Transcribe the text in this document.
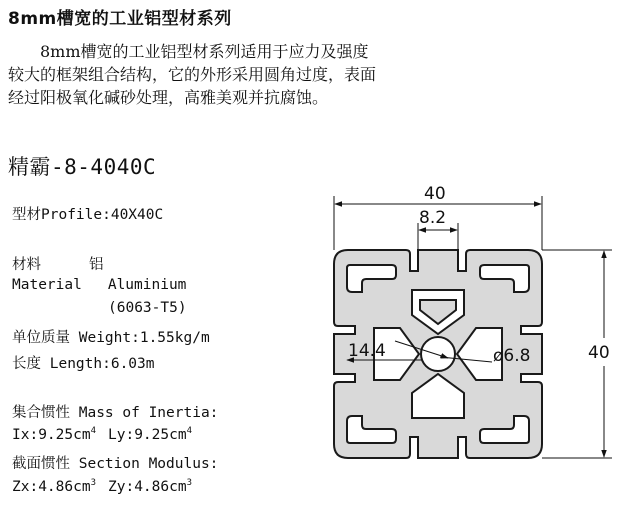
8mm槽宽的工业铝型材系列
8mm槽宽的工业铝型材系列适用于应力及强度较大的框架组合结构，它的外形采用圆角过度，表面经过阳极氧化碱砂处理，高雅美观并抗腐蚀。
精霸-8-4040C
型材Profile:40X40C
材料	铝
Material Aluminium
(6063-T5)
单位质量 Weight:1.55kg/m
长度 Length:6.03m
集合惯性 Mass of Inertia:
$Ix:9.25cm^4$ $Ly:9.25cm^4$
截面惯性 Section Modulus:
$Zx:4.86cm^3$ $Zy:4.86cm^3$
40
8.2
40
14.4	ø6.8
